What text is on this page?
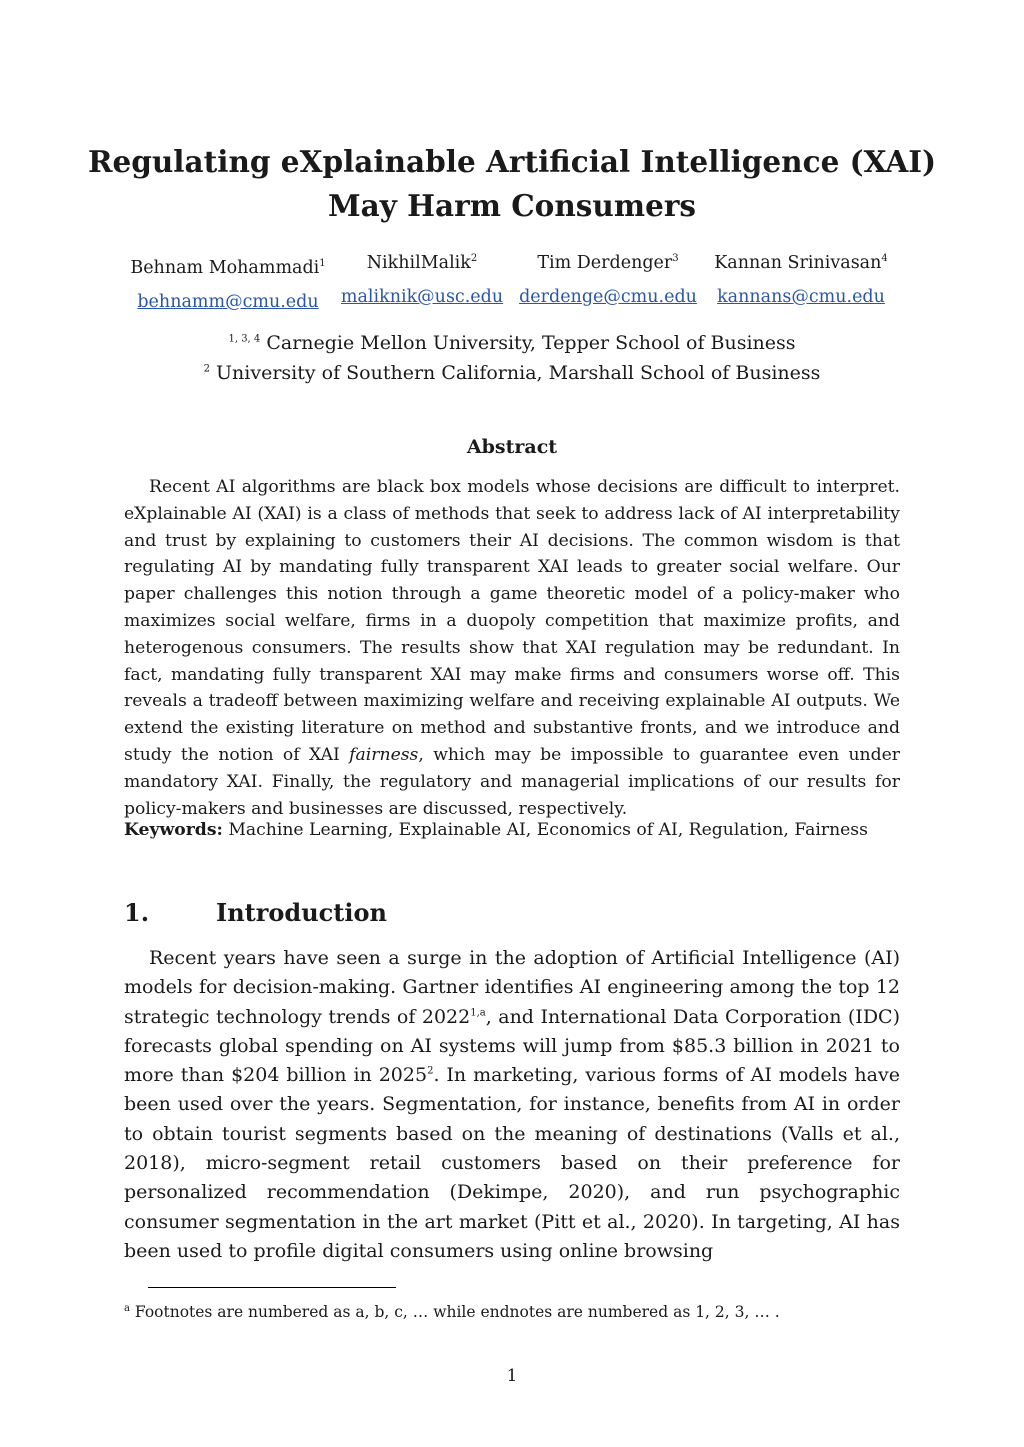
Regulating eXplainable Artificial Intelligence (XAI)
May Harm Consumers
Behnam Mohammadi$^1$
behnamm@cmu.edu
NikhilMalik$^2$
maliknik@usc.edu
Tim Derdenger$^3$
derdenge@cmu.edu
Kannan Srinivasan$^4$
kannans@cmu.edu
$^{1, 3, 4}$ Carnegie Mellon University, Tepper School of Business
$^2$ University of Southern California, Marshall School of Business
Abstract
Recent AI algorithms are black box models whose decisions are difficult to interpret. eXplainable AI (XAI) is a class of methods that seek to address lack of AI interpretability and trust by explaining to customers their AI decisions. The common wisdom is that regulating AI by mandating fully transparent XAI leads to greater social welfare. Our paper challenges this notion through a game theoretic model of a policy-maker who maximizes social welfare, firms in a duopoly competition that maximize profits, and heterogenous consumers. The results show that XAI regulation may be redundant. In fact, mandating fully transparent XAI may make firms and consumers worse off. This reveals a tradeoff between maximizing welfare and receiving explainable AI outputs. We extend the existing literature on method and substantive fronts, and we introduce and study the notion of XAI fairness, which may be impossible to guarantee even under mandatory XAI. Finally, the regulatory and managerial implications of our results for policy-makers and businesses are discussed, respectively.
Keywords: Machine Learning, Explainable AI, Economics of AI, Regulation, Fairness
1.	Introduction
Recent years have seen a surge in the adoption of Artificial Intelligence (AI) models for decision-making. Gartner identifies AI engineering among the top 12 strategic technology trends of 2022$^{1,a}$, and International Data Corporation (IDC) forecasts global spending on AI systems will jump from $85.3 billion in 2021 to more than $204 billion in 2025$^2$. In marketing, various forms of AI models have been used over the years. Segmentation, for instance, benefits from AI in order to obtain tourist segments based on the meaning of destinations (Valls et al., 2018), micro-segment retail customers based on their preference for personalized recommendation (Dekimpe, 2020), and run psychographic consumer segmentation in the art market (Pitt et al., 2020). In targeting, AI has been used to profile digital consumers using online browsing
$^a$ Footnotes are numbered as a, b, c, … while endnotes are numbered as 1, 2, 3, … .
1
